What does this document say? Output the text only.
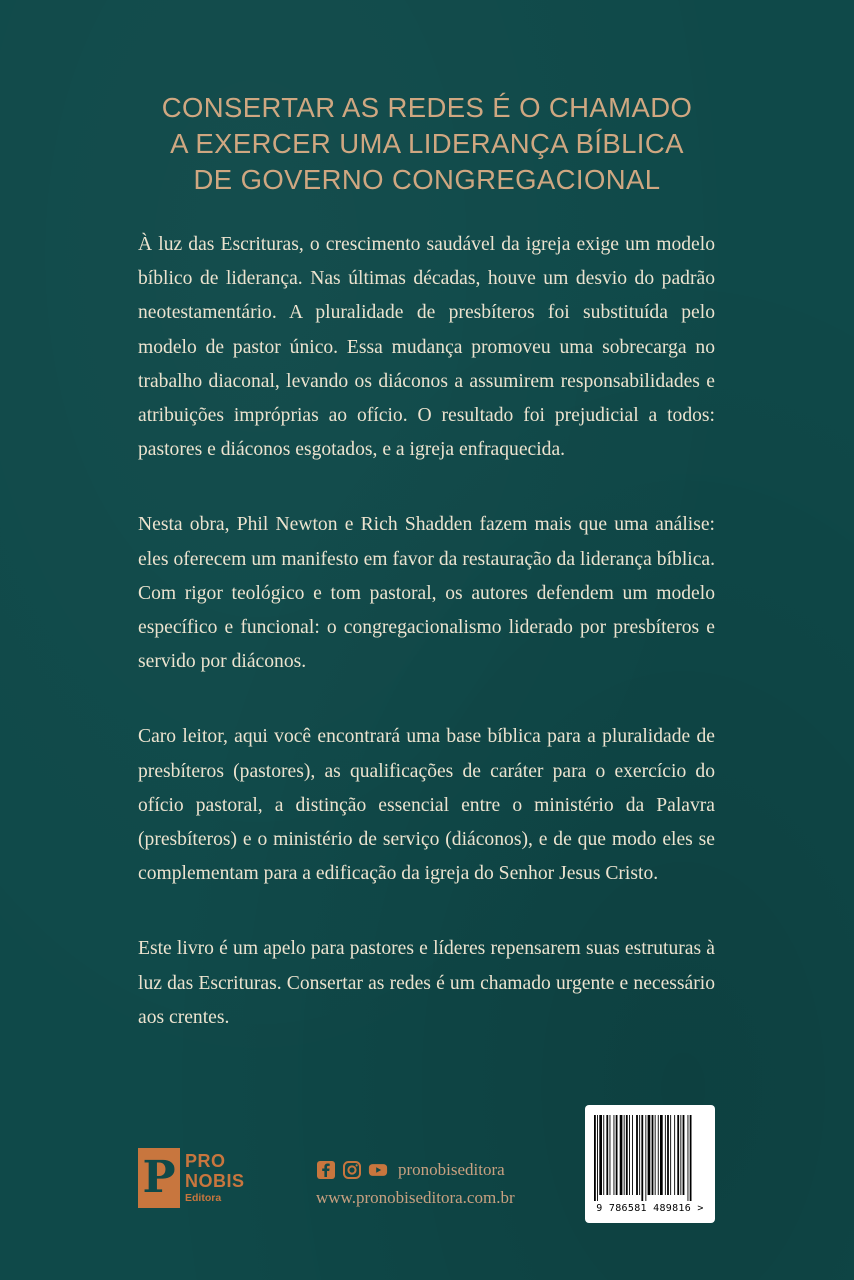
CONSERTAR AS REDES É O CHAMADO
A EXERCER UMA LIDERANÇA BÍBLICA
DE GOVERNO CONGREGACIONAL

À luz das Escrituras, o crescimento saudável da igreja exige um modelo bíblico de liderança. Nas últimas décadas, houve um desvio do padrão neotestamentário. A pluralidade de presbíteros foi substituída pelo modelo de pastor único. Essa mudança promoveu uma sobrecarga no trabalho diaconal, levando os diáconos a assumirem responsabilidades e atribuições impróprias ao ofício. O resultado foi prejudicial a todos: pastores e diáconos esgotados, e a igreja enfraquecida.

Nesta obra, Phil Newton e Rich Shadden fazem mais que uma análise: eles oferecem um manifesto em favor da restauração da liderança bíblica. Com rigor teológico e tom pastoral, os autores defendem um modelo específico e funcional: o congregacionalismo liderado por presbíteros e servido por diáconos.

Caro leitor, aqui você encontrará uma base bíblica para a pluralidade de presbíteros (pastores), as qualificações de caráter para o exercício do ofício pastoral, a distinção essencial entre o ministério da Palavra (presbíteros) e o ministério de serviço (diáconos), e de que modo eles se complementam para a edificação da igreja do Senhor Jesus Cristo.

Este livro é um apelo para pastores e líderes repensarem suas estruturas à luz das Escrituras. Consertar as redes é um chamado urgente e necessário aos crentes.

P PRO
NOBIS
Editora
pronobiseditora
www.pronobiseditora.com.br
9 786581 489816 >
